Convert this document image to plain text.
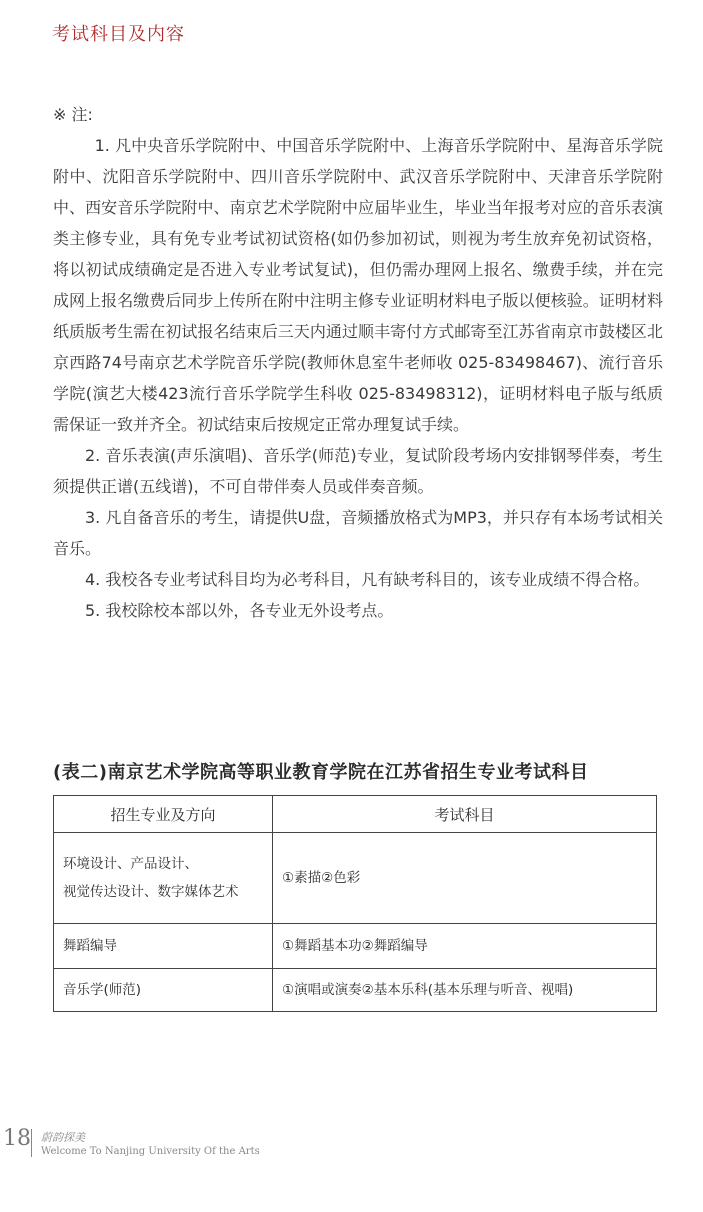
考试科目及内容

※ 注:

1. 凡中央音乐学院附中、中国音乐学院附中、上海音乐学院附中、星海音乐学院附中、沈阳音乐学院附中、四川音乐学院附中、武汉音乐学院附中、天津音乐学院附中、西安音乐学院附中、南京艺术学院附中应届毕业生，毕业当年报考对应的音乐表演类主修专业，具有免专业考试初试资格(如仍参加初试，则视为考生放弃免初试资格，将以初试成绩确定是否进入专业考试复试)，但仍需办理网上报名、缴费手续，并在完成网上报名缴费后同步上传所在附中注明主修专业证明材料电子版以便核验。证明材料纸质版考生需在初试报名结束后三天内通过顺丰寄付方式邮寄至江苏省南京市鼓楼区北京西路74号南京艺术学院音乐学院(教师休息室牛老师收 025-83498467)、流行音乐学院(演艺大楼423流行音乐学院学生科收 025-83498312)，证明材料电子版与纸质需保证一致并齐全。初试结束后按规定正常办理复试手续。

2. 音乐表演(声乐演唱)、音乐学(师范)专业，复试阶段考场内安排钢琴伴奏，考生须提供正谱(五线谱)，不可自带伴奏人员或伴奏音频。

3. 凡自备音乐的考生，请提供U盘，音频播放格式为MP3，并只存有本场考试相关音乐。

4. 我校各专业考试科目均为必考科目，凡有缺考科目的，该专业成绩不得合格。

5. 我校除校本部以外，各专业无外设考点。

(表二)南京艺术学院高等职业教育学院在江苏省招生专业考试科目
招生专业及方向	考试科目

环境设计、产品设计、
视觉传达设计、数字媒体艺术	①素描②色彩

舞蹈编导	①舞蹈基本功②舞蹈编导

音乐学(师范)	①演唱或演奏②基本乐科(基本乐理与听音、视唱)
18 蔚韵探美
Welcome To Nanjing University Of the Arts
